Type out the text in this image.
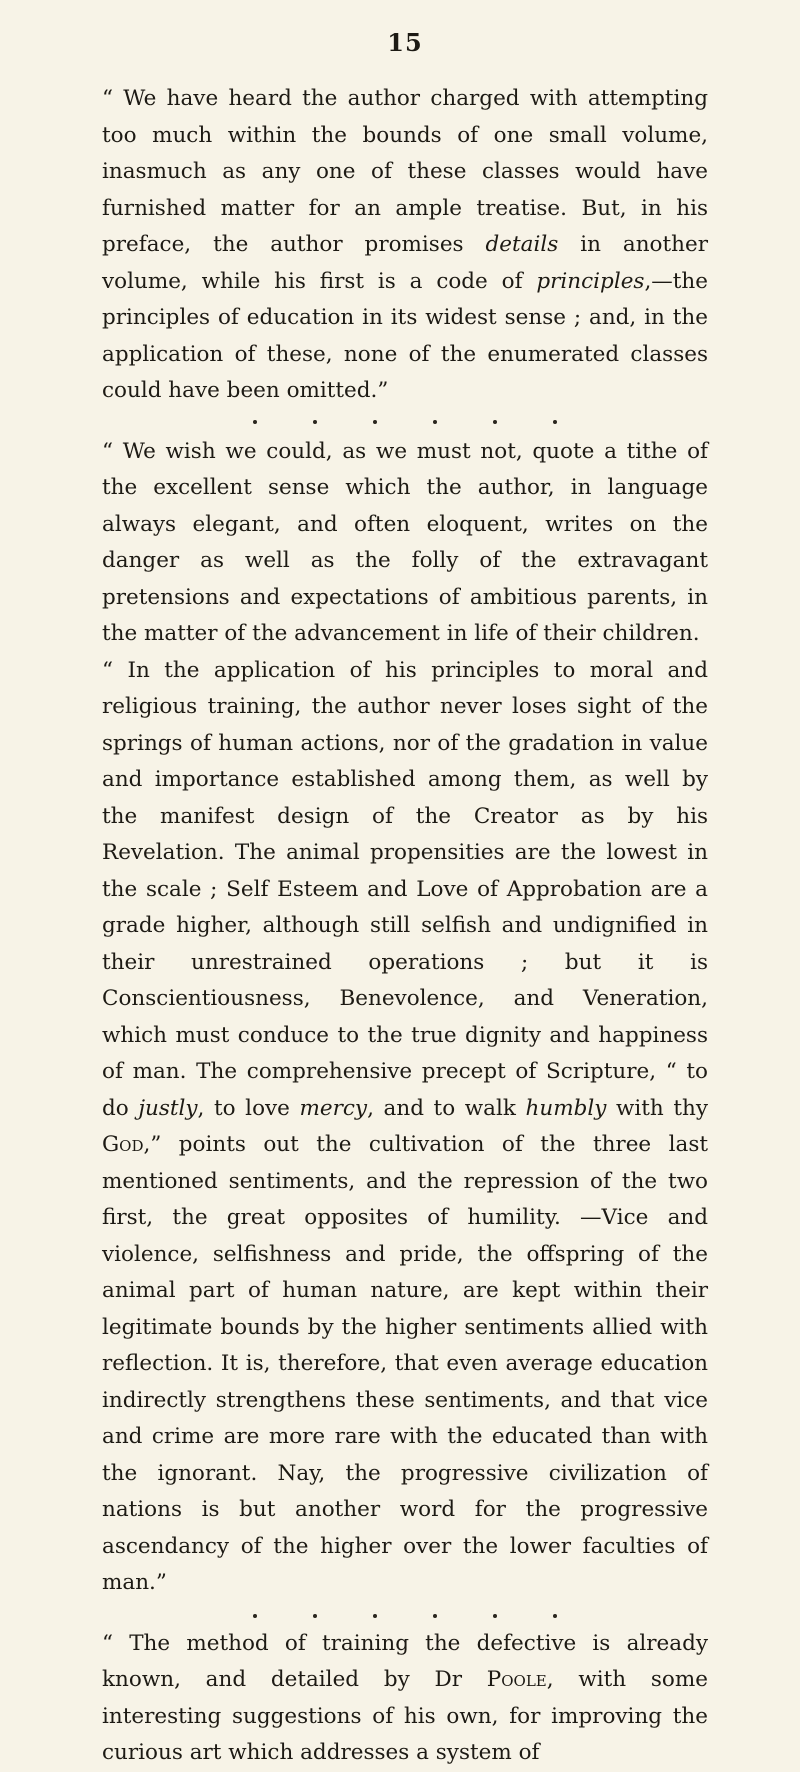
15

“ We have heard the author charged with attempting too much within the bounds of one small volume, inasmuch as any one of these classes would have furnished matter for an ample treatise. But, in his preface, the author promises details in another volume, while his first is a code of principles,—the principles of education in its widest sense ; and, in the application of these, none of the enumerated classes could have been omitted.”

“ We wish we could, as we must not, quote a tithe of the excellent sense which the author, in language always elegant, and often eloquent, writes on the danger as well as the folly of the extravagant pretensions and expectations of ambitious parents, in the matter of the advancement in life of their children.

“ In the application of his principles to moral and religious training, the author never loses sight of the springs of human actions, nor of the gradation in value and importance established among them, as well by the manifest design of the Creator as by his Revelation. The animal propensities are the lowest in the scale ; Self Esteem and Love of Approbation are a grade higher, although still selfish and undignified in their unrestrained operations ; but it is Conscientiousness, Benevolence, and Veneration, which must conduce to the true dignity and happiness of man. The comprehensive precept of Scripture, “ to do justly, to love mercy, and to walk humbly with thy God,” points out the cultivation of the three last mentioned sentiments, and the repression of the two first, the great opposites of humility. —Vice and violence, selfishness and pride, the offspring of the animal part of human nature, are kept within their legitimate bounds by the higher sentiments allied with reflection. It is, therefore, that even average education indirectly strengthens these sentiments, and that vice and crime are more rare with the educated than with the ignorant. Nay, the progressive civilization of nations is but another word for the progressive ascendancy of the higher over the lower faculties of man.”

“ The method of training the defective is already known, and detailed by Dr Poole, with some interesting suggestions of his own, for improving the curious art which addresses a system of
